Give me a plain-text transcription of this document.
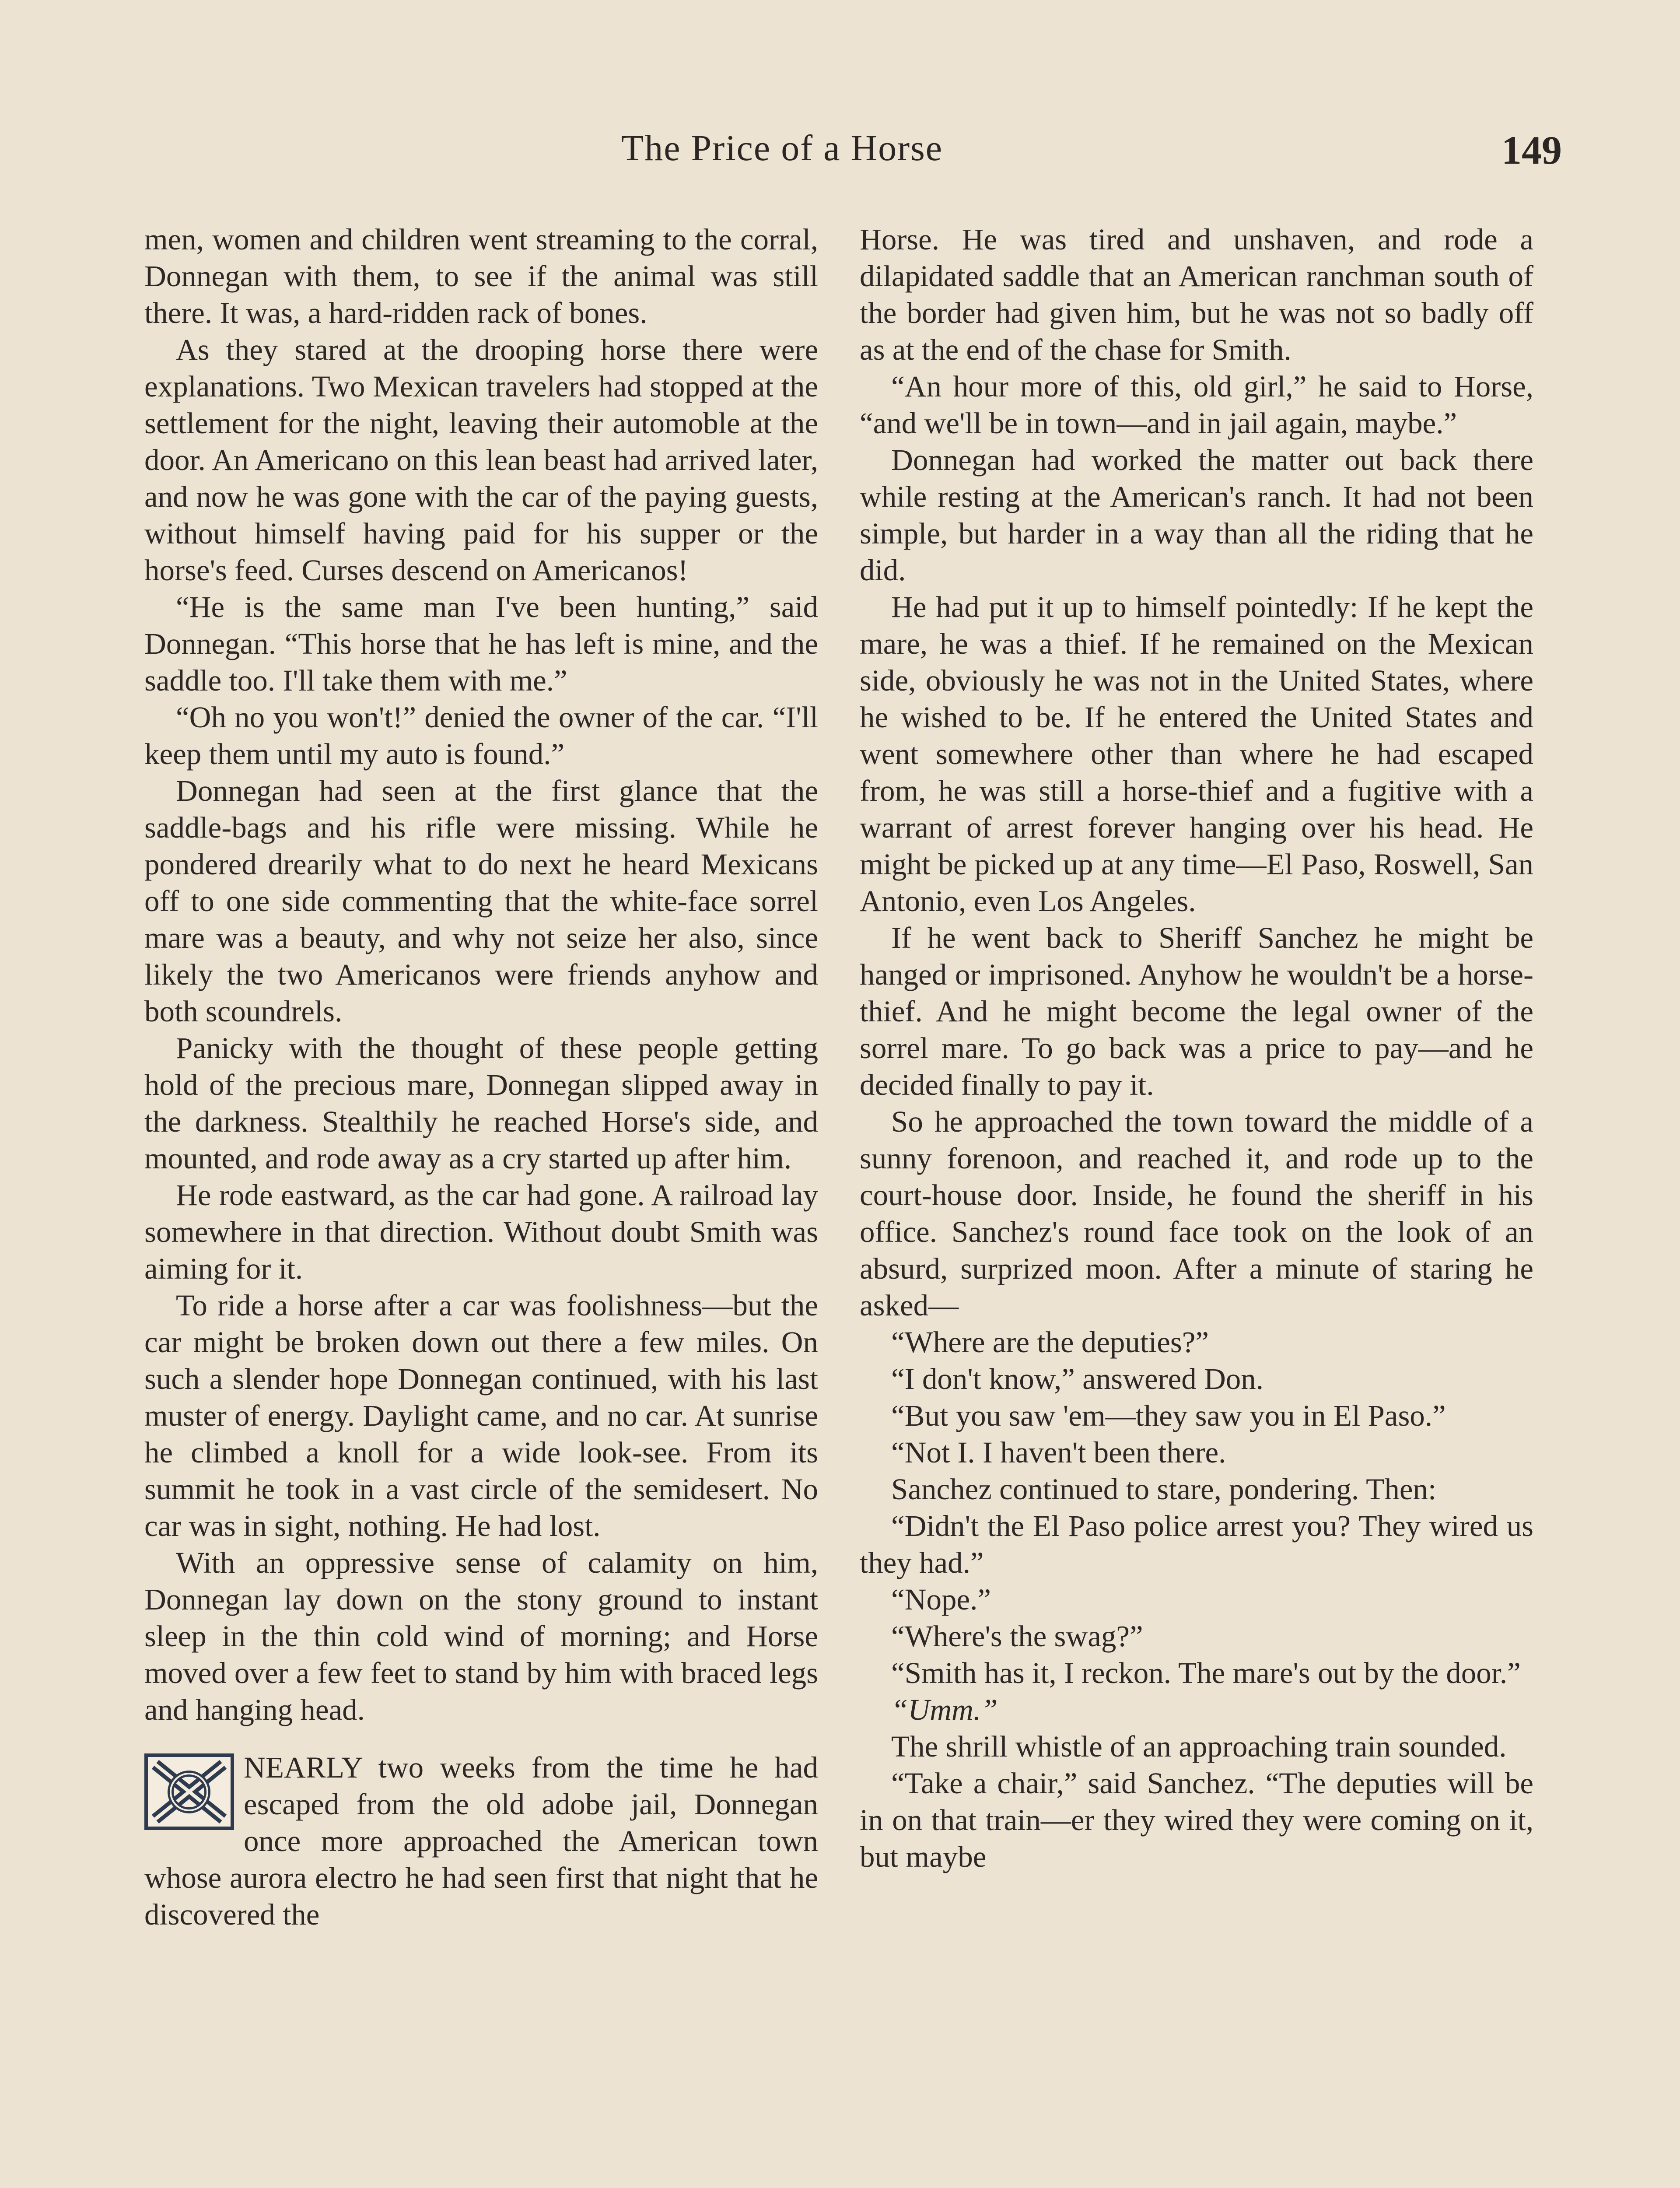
The Price of a Horse	149

men, women and children went streaming to the corral, Donnegan with them, to see if the animal was still there. It was, a hard-ridden rack of bones.

As they stared at the drooping horse there were explanations. Two Mexican travelers had stopped at the settlement for the night, leaving their automoble at the door. An Americano on this lean beast had arrived later, and now he was gone with the car of the paying guests, without himself having paid for his supper or the horse's feed. Curses descend on Americanos!

“He is the same man I've been hunting,” said Donnegan. “This horse that he has left is mine, and the saddle too. I'll take them with me.”

“Oh no you won't!” denied the owner of the car. “I'll keep them until my auto is found.”

Donnegan had seen at the first glance that the saddle-bags and his rifle were missing. While he pondered drearily what to do next he heard Mexicans off to one side commenting that the white-face sorrel mare was a beauty, and why not seize her also, since likely the two Americanos were friends anyhow and both scoundrels.

Panicky with the thought of these people getting hold of the precious mare, Donnegan slipped away in the darkness. Stealthily he reached Horse's side, and mounted, and rode away as a cry started up after him.

He rode eastward, as the car had gone. A railroad lay somewhere in that direction. Without doubt Smith was aiming for it.

To ride a horse after a car was foolishness—but the car might be broken down out there a few miles. On such a slender hope Donnegan continued, with his last muster of energy. Daylight came, and no car. At sunrise he climbed a knoll for a wide look-see. From its summit he took in a vast circle of the semidesert. No car was in sight, nothing. He had lost.

With an oppressive sense of calamity on him, Donnegan lay down on the stony ground to instant sleep in the thin cold wind of morning; and Horse moved over a few feet to stand by him with braced legs and hanging head.

NEARLY two weeks from the time he had escaped from the old adobe jail, Donnegan once more approached the American town whose aurora electro he had seen first that night that he discovered the

Horse. He was tired and unshaven, and rode a dilapidated saddle that an American ranchman south of the border had given him, but he was not so badly off as at the end of the chase for Smith.

“An hour more of this, old girl,” he said to Horse, “and we'll be in town—and in jail again, maybe.”

Donnegan had worked the matter out back there while resting at the American's ranch. It had not been simple, but harder in a way than all the riding that he did.

He had put it up to himself pointedly: If he kept the mare, he was a thief. If he remained on the Mexican side, obviously he was not in the United States, where he wished to be. If he entered the United States and went somewhere other than where he had escaped from, he was still a horse-thief and a fugitive with a warrant of arrest forever hanging over his head. He might be picked up at any time—El Paso, Roswell, San Antonio, even Los Angeles.

If he went back to Sheriff Sanchez he might be hanged or imprisoned. Anyhow he wouldn't be a horse-thief. And he might become the legal owner of the sorrel mare. To go back was a price to pay—and he decided finally to pay it.

So he approached the town toward the middle of a sunny forenoon, and reached it, and rode up to the court-house door. Inside, he found the sheriff in his office. Sanchez's round face took on the look of an absurd, surprized moon. After a minute of staring he asked—

“Where are the deputies?”

“I don't know,” answered Don.

“But you saw 'em—they saw you in El Paso.”

“Not I. I haven't been there.

Sanchez continued to stare, pondering. Then:

“Didn't the El Paso police arrest you? They wired us they had.”

“Nope.”

“Where's the swag?”

“Smith has it, I reckon. The mare's out by the door.”

“Umm.”

The shrill whistle of an approaching train sounded.

“Take a chair,” said Sanchez. “The deputies will be in on that train—er they wired they were coming on it, but maybe
